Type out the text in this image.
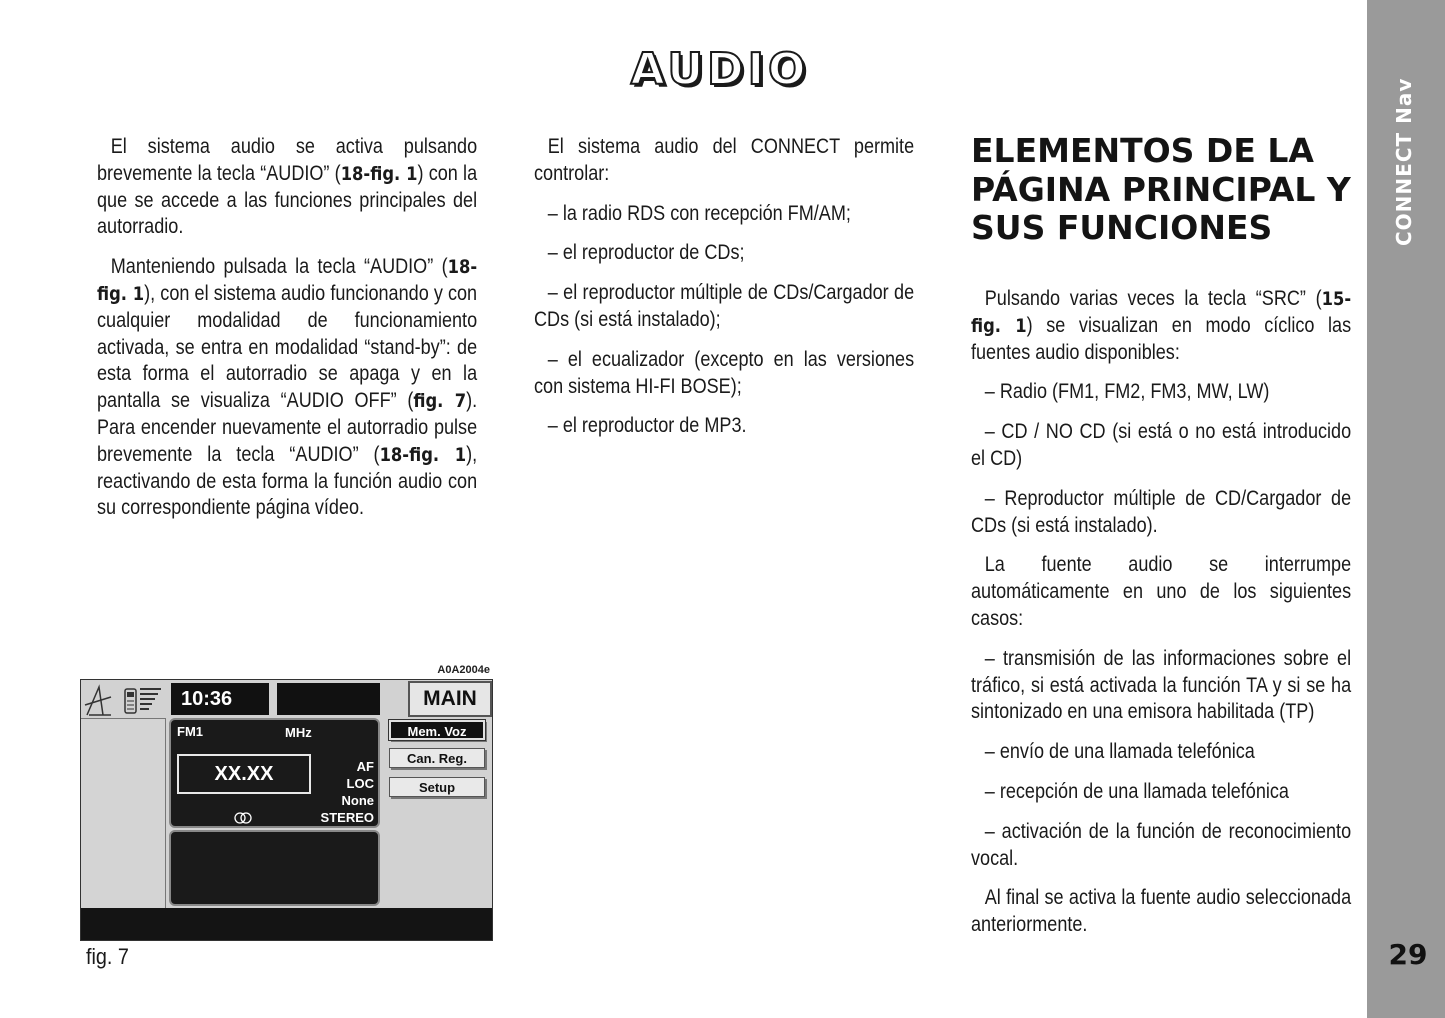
CONNECT Nav
29
AUDIO

El sistema audio se activa pulsando brevemente la tecla “AUDIO” (18-fig. 1) con la que se accede a las funciones principales del autorradio.

Manteniendo pulsada la tecla “AUDIO” (18-fig. 1), con el sistema audio funcionando y con cualquier modalidad de funcionamiento activada, se entra en modalidad “stand-by”: de esta forma el autorradio se apaga y en la pantalla se visualiza “AUDIO OFF” (fig. 7). Para encender nuevamente el autorradio pulse brevemente la tecla “AUDIO” (18-fig. 1), reactivando de esta forma la función audio con su correspondiente página vídeo.

El sistema audio del CONNECT permite controlar:

– la radio RDS con recepción FM/AM;

– el reproductor de CDs;

– el reproductor múltiple de CDs/Cargador de CDs (si está instalado);

– el ecualizador (excepto en las versiones con sistema HI-FI BOSE);

– el reproductor de MP3.

ELEMENTOS DE LA PÁGINA PRINCIPAL Y SUS FUNCIONES

Pulsando varias veces la tecla “SRC” (15-fig. 1) se visualizan en modo cíclico las fuentes audio disponibles:

– Radio (FM1, FM2, FM3, MW, LW)

– CD / NO CD (si está o no está introducido el CD)

– Reproductor múltiple de CD/Cargador de CDs (si está instalado).

La fuente audio se interrumpe automáticamente en uno de los siguientes casos:

– transmisión de las informaciones sobre el tráfico, si está activada la función TA y si se ha sintonizado en una emisora habilitada (TP)

– envío de una llamada telefónica

– recepción de una llamada telefónica

– activación de la función de reconocimiento vocal.

Al final se activa la fuente audio seleccionada anteriormente.

A0A2004e
10:36	MAIN
FM1	MHz
XX.XX	AF
LOC
None
STEREO
Mem. Voz
Can. Reg.
Setup
fig. 7
